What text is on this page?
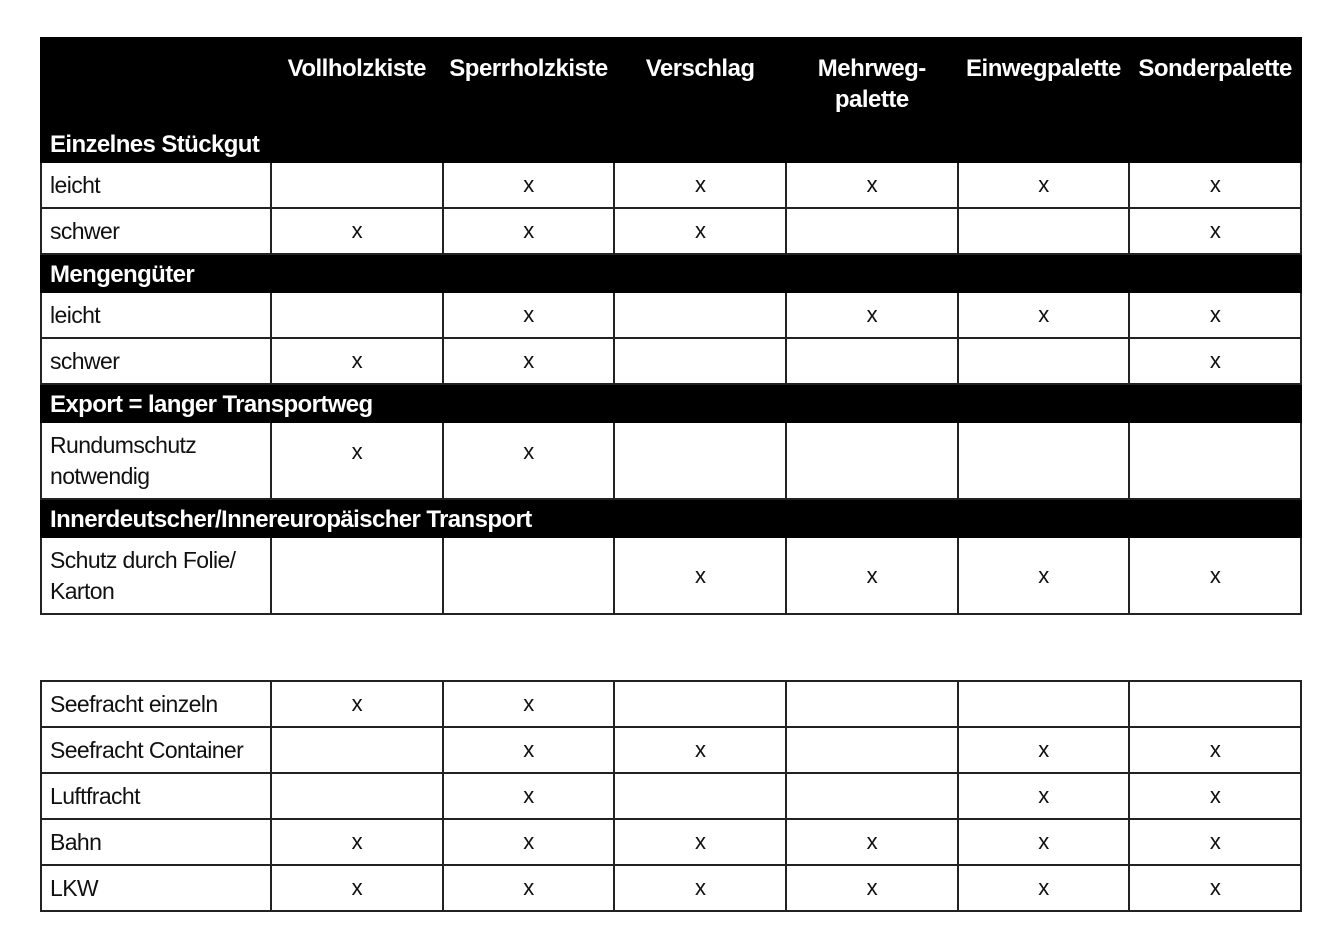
	Vollholzkiste	Sperrholzkiste	Verschlag	Mehrweg-
palette	Einwegpalette	Sonderpalette
Einzelnes Stückgut						
leicht		x	x	x	x	x
schwer	x	x	x			x
Mengengüter						
leicht		x		x	x	x
schwer	x	x				x
Export = langer Transportweg						
Rundumschutz
notwendig	x	x				
Innerdeutscher/Innereuropäischer Transport						
Schutz durch Folie/
Karton			x	x	x	x
Seefracht einzeln	x	x				
Seefracht Container		x	x		x	x
Luftfracht		x			x	x
Bahn	x	x	x	x	x	x
LKW	x	x	x	x	x	x
